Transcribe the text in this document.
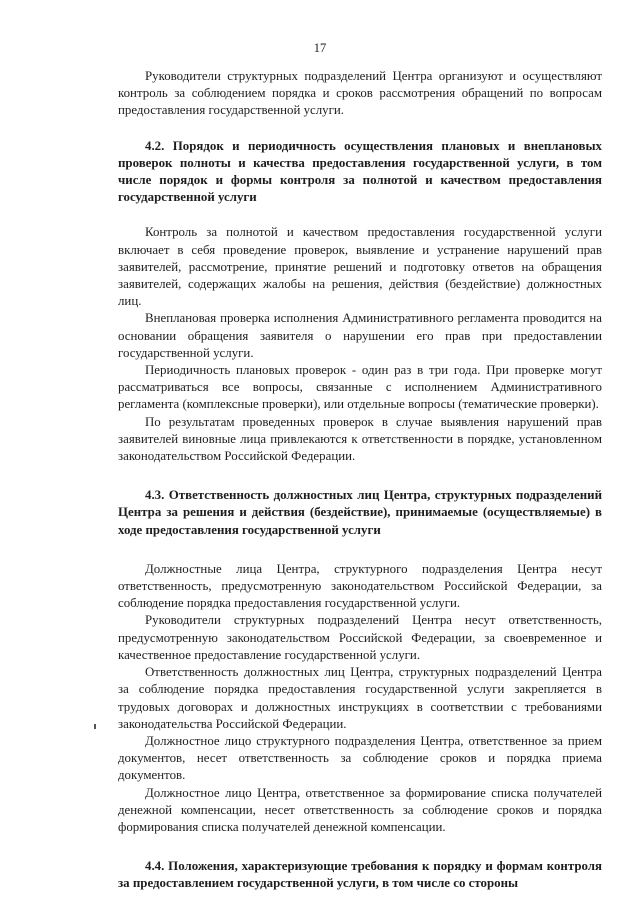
17

Руководители структурных подразделений Центра организуют и осуществляют контроль за соблюдением порядка и сроков рассмотрения обращений по вопросам предоставления государственной услуги.

4.2. Порядок и периодичность осуществления плановых и внеплановых проверок полноты и качества предоставления государственной услуги, в том числе порядок и формы контроля за полнотой и качеством предоставления государственной услуги

Контроль за полнотой и качеством предоставления государственной услуги включает в себя проведение проверок, выявление и устранение нарушений прав заявителей, рассмотрение, принятие решений и подготовку ответов на обращения заявителей, содержащих жалобы на решения, действия (бездействие) должностных лиц.

Внеплановая проверка исполнения Административного регламента проводится на основании обращения заявителя о нарушении его прав при предоставлении государственной услуги.

Периодичность плановых проверок - один раз в три года. При проверке могут рассматриваться все вопросы, связанные с исполнением Административного регламента (комплексные проверки), или отдельные вопросы (тематические проверки).

По результатам проведенных проверок в случае выявления нарушений прав заявителей виновные лица привлекаются к ответственности в порядке, установленном законодательством Российской Федерации.

4.3. Ответственность должностных лиц Центра, структурных подразделений Центра за решения и действия (бездействие), принимаемые (осуществляемые) в ходе предоставления государственной услуги

Должностные лица Центра, структурного подразделения Центра несут ответственность, предусмотренную законодательством Российской Федерации, за соблюдение порядка предоставления государственной услуги.

Руководители структурных подразделений Центра несут ответственность, предусмотренную законодательством Российской Федерации, за своевременное и качественное предоставление государственной услуги.

Ответственность должностных лиц Центра, структурных подразделений Центра за соблюдение порядка предоставления государственной услуги закрепляется в трудовых договорах и должностных инструкциях в соответствии с требованиями законодательства Российской Федерации.

Должностное лицо структурного подразделения Центра, ответственное за прием документов, несет ответственность за соблюдение сроков и порядка приема документов.

Должностное лицо Центра, ответственное за формирование списка получателей денежной компенсации, несет ответственность за соблюдение сроков и порядка формирования списка получателей денежной компенсации.

4.4. Положения, характеризующие требования к порядку и формам контроля за предоставлением государственной услуги, в том числе со стороны
